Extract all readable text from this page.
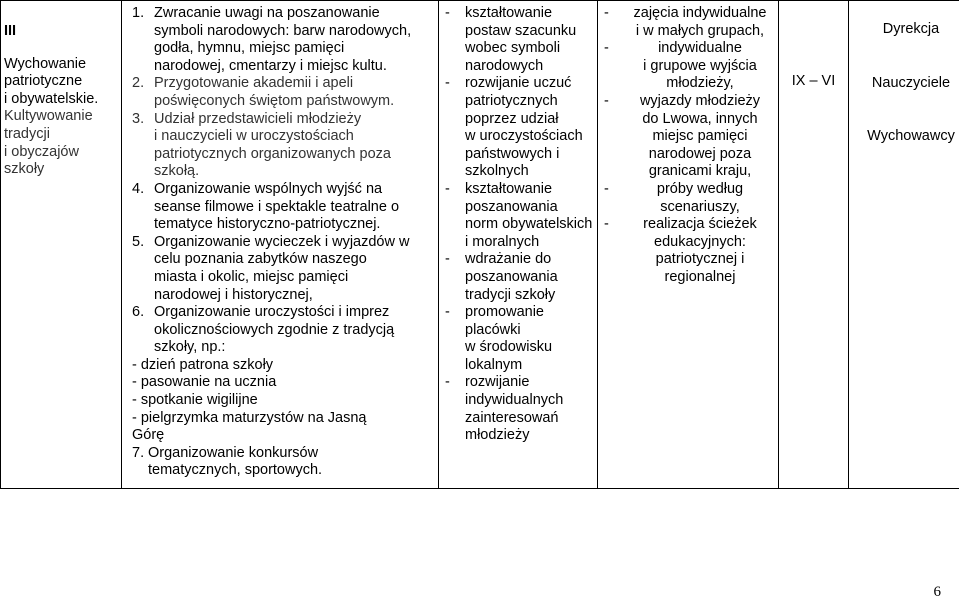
III
Wychowanie
patriotyczne
i obywatelskie.
Kultywowanie
tradycji
i obyczajów
szkoły

1. Zwracanie uwagi na poszanowanie
symboli narodowych: barw narodowych,
godła, hymnu, miejsc pamięci
narodowej, cmentarzy i miejsc kultu.
2. Przygotowanie akademii i apeli
poświęconych świętom państwowym.
3. Udział przedstawicieli młodzieży
i nauczycieli w uroczystościach
patriotycznych organizowanych poza
szkołą.
4. Organizowanie wspólnych wyjść na
seanse filmowe i spektakle teatralne o
tematyce historyczno-patriotycznej.
5. Organizowanie wycieczek i wyjazdów w
celu poznania zabytków naszego
miasta i okolic, miejsc pamięci
narodowej i historycznej,
6. Organizowanie uroczystości i imprez
okolicznościowych zgodnie z tradycją
szkoły, np.:
- dzień patrona szkoły
- pasowanie na ucznia
- spotkanie wigilijne
- pielgrzymka maturzystów na Jasną
Górę
7. Organizowanie konkursów
tematycznych, sportowych.

- kształtowanie
postaw szacunku
wobec symboli
narodowych
- rozwijanie uczuć
patriotycznych
poprzez udział
w uroczystościach
państwowych i
szkolnych
- kształtowanie
poszanowania
norm obywatelskich
i moralnych
- wdrażanie do
poszanowania
tradycji szkoły
- promowanie
placówki
w środowisku
lokalnym
- rozwijanie
indywidualnych
zainteresowań
młodzieży

-	zajęcia indywidualne
i w małych grupach,
-	indywidualne
i grupowe wyjścia
młodzieży,
-	wyjazdy młodzieży
do Lwowa, innych
miejsc pamięci
narodowej poza
granicami kraju,
-	próby według
scenariuszy,
-	realizacja ścieżek
edukacyjnych:
patriotycznej i
regionalnej

IX – VI

Dyrekcja
Nauczyciele
Wychowawcy
6
